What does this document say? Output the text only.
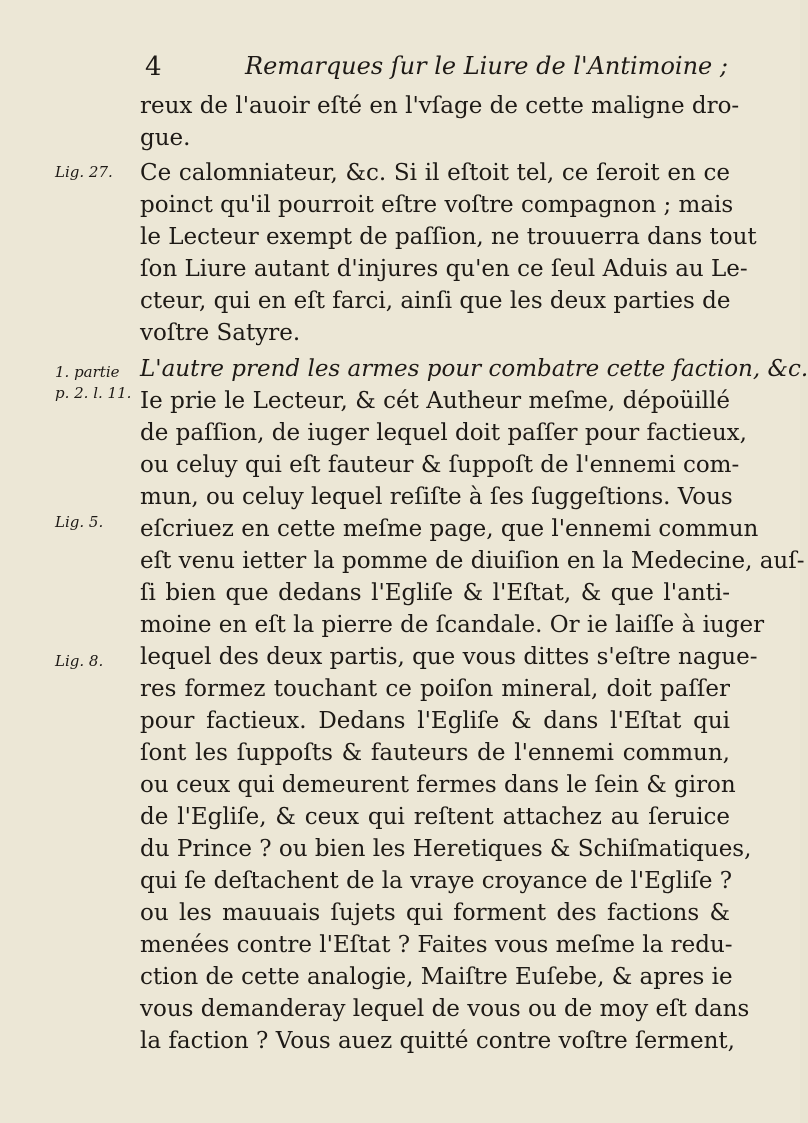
4	Remarques ſur le Liure de l'Antimoine ;
Lig. 27.
1. partie
p. 2. l. 11.
Lig. 5.
Lig. 8.
reux de l'auoir eſté en l'vſage de cette maligne dro-
gue.
Ce calomniateur, &c. Si il eſtoit tel, ce ſeroit en ce
poinct qu'il pourroit eſtre voſtre compagnon ; mais
le Lecteur exempt de paſſion, ne trouuerra dans tout
ſon Liure autant d'injures qu'en ce ſeul Aduis au Le-
cteur, qui en eſt farci, ainſi que les deux parties de
voſtre Satyre.
L'autre prend les armes pour combatre cette faction, &c.
Ie prie le Lecteur, & cét Autheur meſme, dépoüillé
de paſſion, de iuger lequel doit paſſer pour factieux,
ou celuy qui eſt fauteur & ſuppoſt de l'ennemi com-
mun, ou celuy lequel reſiſte à ſes ſuggeſtions. Vous
eſcriuez en cette meſme page, que l'ennemi commun
eſt venu ietter la pomme de diuiſion en la Medecine, auſ-
ſi bien que dedans l'Egliſe & l'Eſtat, & que l'anti-
moine en eſt la pierre de ſcandale. Or ie laiſſe à iuger
lequel des deux partis, que vous dittes s'eſtre nague-
res formez touchant ce poiſon mineral, doit paſſer
pour factieux. Dedans l'Egliſe & dans l'Eſtat qui
ſont les ſuppoſts & fauteurs de l'ennemi commun,
ou ceux qui demeurent fermes dans le ſein & giron
de l'Egliſe, & ceux qui reſtent attachez au ſeruice
du Prince ? ou bien les Heretiques & Schiſmatiques,
qui ſe deſtachent de la vraye croyance de l'Egliſe ?
ou les mauuais ſujets qui forment des factions &
menées contre l'Eſtat ? Faites vous meſme la redu-
ction de cette analogie, Maiſtre Euſebe, & apres ie
vous demanderay lequel de vous ou de moy eſt dans
la faction ? Vous auez quitté contre voſtre ſerment,
